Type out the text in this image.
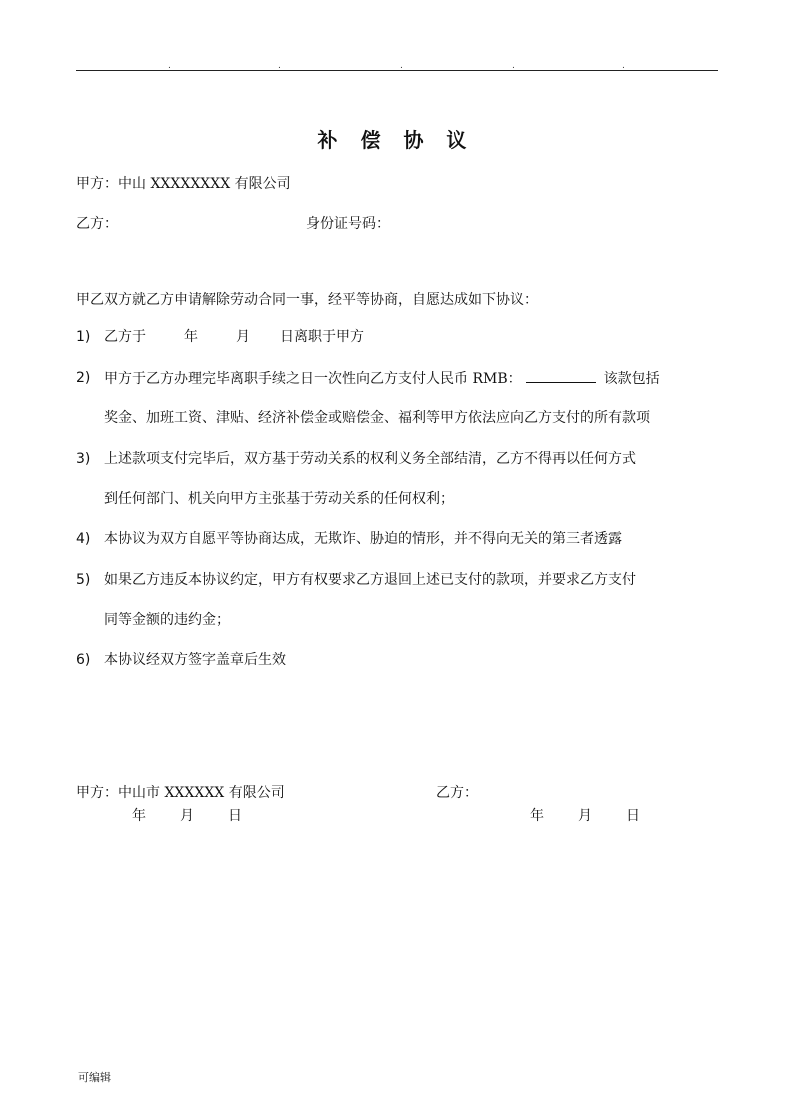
.	.	.	.	.
补 偿 协 议
甲方：中山 XXXXXXXX 有限公司
乙方：	身份证号码：
甲乙双方就乙方申请解除劳动合同一事，经平等协商，自愿达成如下协议：
1) 乙方于	年	月 日离职于甲方
2) 甲方于乙方办理完毕离职手续之日一次性向乙方支付人民币 RMB：	该款包括
奖金、加班工资、津贴、经济补偿金或赔偿金、福利等甲方依法应向乙方支付的所有款项
3) 上述款项支付完毕后，双方基于劳动关系的权利义务全部结清，乙方不得再以任何方式
到任何部门、机关向甲方主张基于劳动关系的任何权利；
4) 本协议为双方自愿平等协商达成，无欺诈、胁迫的情形，并不得向无关的第三者透露
5) 如果乙方违反本协议约定，甲方有权要求乙方退回上述已支付的款项，并要求乙方支付
同等金额的违约金；
6) 本协议经双方签字盖章后生效
甲方：中山市 XXXXXX 有限公司	乙方：
年 月 日	年 月 日
可编辑
